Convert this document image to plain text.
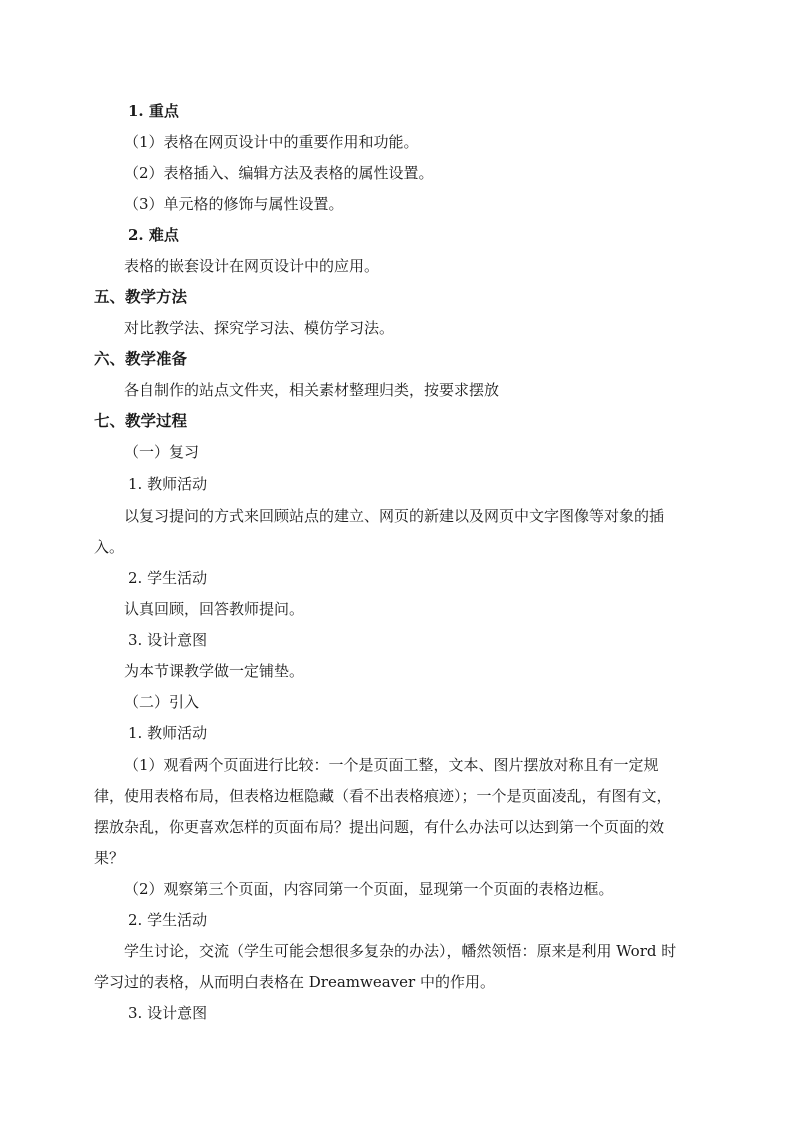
1. 重点
（1）表格在网页设计中的重要作用和功能。
（2）表格插入、编辑方法及表格的属性设置。
（3）单元格的修饰与属性设置。
2. 难点
表格的嵌套设计在网页设计中的应用。
五、教学方法
对比教学法、探究学习法、模仿学习法。
六、教学准备
各自制作的站点文件夹，相关素材整理归类，按要求摆放
七、教学过程
（一）复习
1. 教师活动
以复习提问的方式来回顾站点的建立、网页的新建以及网页中文字图像等对象的插
入。
2. 学生活动
认真回顾，回答教师提问。
3. 设计意图
为本节课教学做一定铺垫。
（二）引入
1. 教师活动
（1）观看两个页面进行比较：一个是页面工整，文本、图片摆放对称且有一定规
律，使用表格布局，但表格边框隐藏（看不出表格痕迹）；一个是页面凌乱，有图有文，
摆放杂乱，你更喜欢怎样的页面布局？提出问题，有什么办法可以达到第一个页面的效
果？
（2）观察第三个页面，内容同第一个页面，显现第一个页面的表格边框。
2. 学生活动
学生讨论，交流（学生可能会想很多复杂的办法），幡然领悟：原来是利用 Word 时
学习过的表格，从而明白表格在 Dreamweaver 中的作用。
3. 设计意图
